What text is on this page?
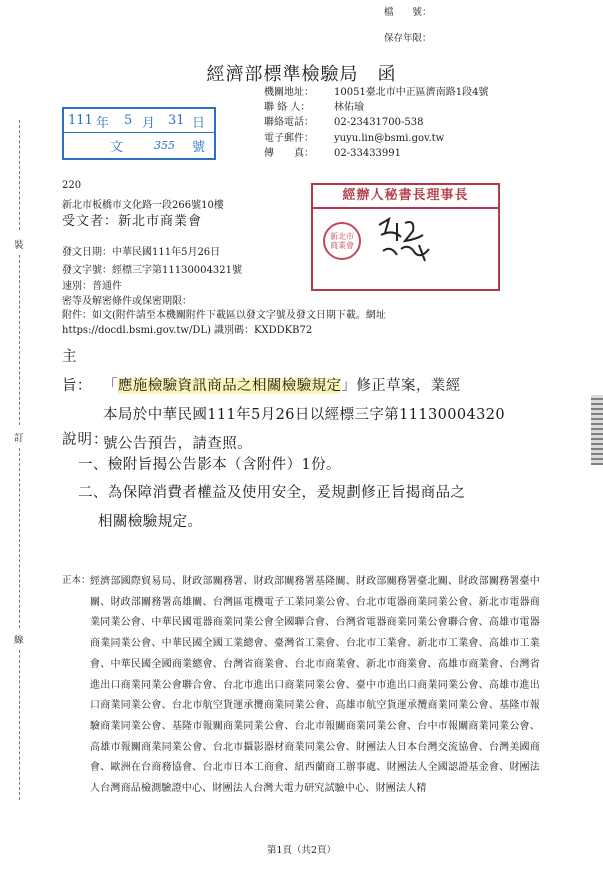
檔　　號：
保存年限：
經濟部標準檢驗局　函
111 年 5 月 31 日
文	355 號
機關地址：	10051臺北市中正區濟南路1段4號
聯 絡 人：	林佑瑜
聯絡電話：	02-23431700-538
電子郵件：	yuyu.lin@bsmi.gov.tw
傳　　真：	02-33433991
220
新北市板橋市文化路一段266號10樓
受文者：新北市商業會
經辦人秘書長理事長
新北市商業會
發文日期：中華民國111年5月26日
發文字號：經標三字第11130004321號
速別：普通件
密等及解密條件或保密期限：
附件：如文(附件請至本機關附件下載區以發文字號及發文日期下載。網址https://docdl.bsmi.gov.tw/DL) 識別碼：KXDDKB72
主旨： 「應施檢驗資訊商品之相關檢驗規定」修正草案，業經
本局於中華民國111年5月26日以經標三字第11130004320
號公告預告，請查照。
說明：
一、檢附旨揭公告影本（含附件）1份。
二、為保障消費者權益及使用安全，爰規劃修正旨揭商品之
相關檢驗規定。
正本： 經濟部國際貿易局、財政部關務署、財政部關務署基隆關、財政部關務署臺北關、財政部關務署臺中關、財政部關務署高雄關、台灣區電機電子工業同業公會、台北市電器商業同業公會、新北市電器商業同業公會、中華民國電器商業同業公會全國聯合會、台灣省電器商業同業公會聯合會、高雄市電器商業同業公會、中華民國全國工業總會、臺灣省工業會、台北市工業會、新北市工業會、高雄市工業會、中華民國全國商業總會、台灣省商業會、台北市商業會、新北市商業會、高雄市商業會、台灣省進出口商業同業公會聯合會、台北市進出口商業同業公會、臺中市進出口商業同業公會、高雄市進出口商業同業公會、台北市航空貨運承攬商業同業公會、高雄市航空貨運承攬商業同業公會、基隆市報驗商業同業公會、基隆市報關商業同業公會、台北市報關商業同業公會、台中市報關商業同業公會、高雄市報關商業同業公會、台北市攝影器材商業同業公會、財團法人日本台灣交流協會、台灣美國商會、歐洲在台商務協會、台北市日本工商會、紐西蘭商工辦事處、財團法人全國認證基金會、財團法人台灣商品檢測驗證中心、財團法人台灣大電力研究試驗中心、財團法人精
第1頁（共2頁）
裝
訂
線
